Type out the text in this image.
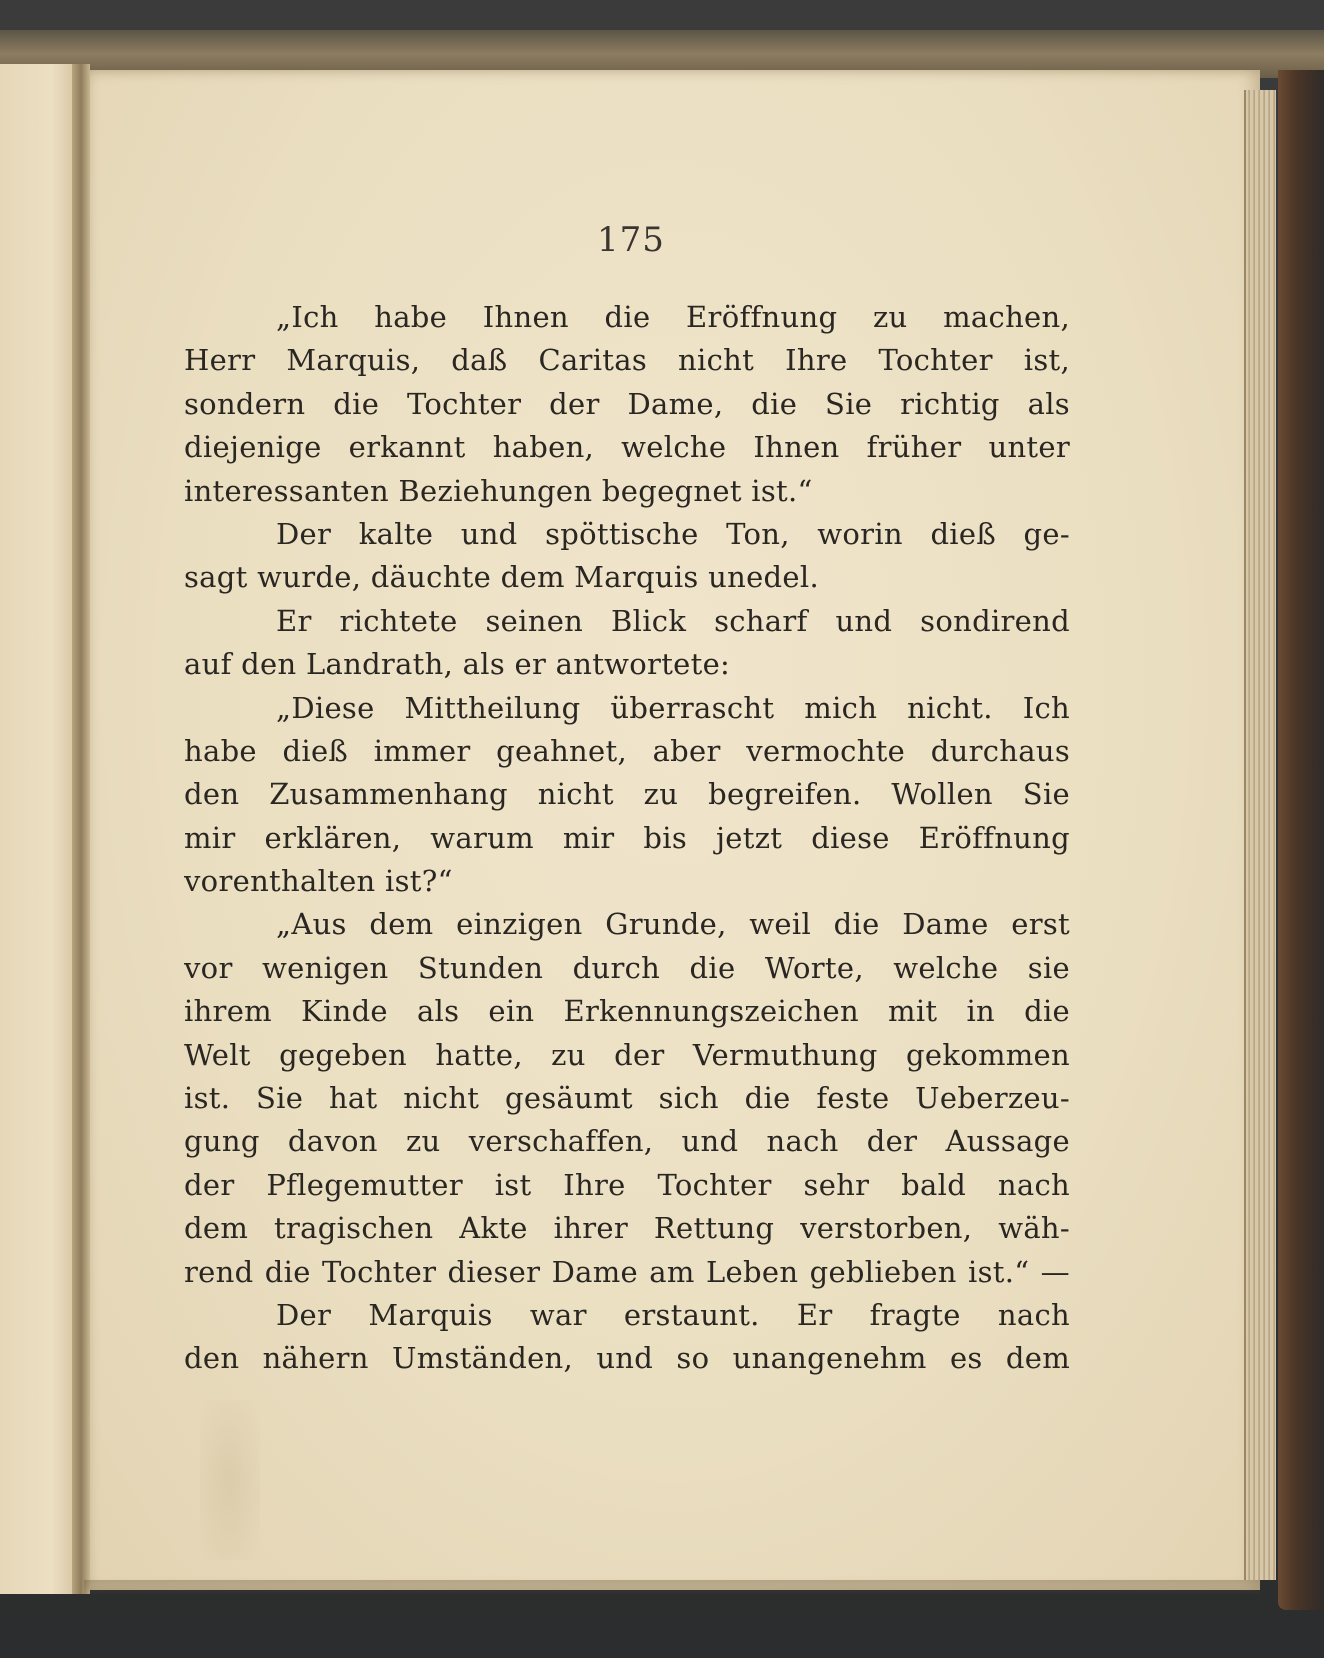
175
„Ich habe Ihnen die Eröffnung zu machen,
Herr Marquis, daß Caritas nicht Ihre Tochter ist,
sondern die Tochter der Dame, die Sie richtig als
diejenige erkannt haben, welche Ihnen früher unter
interessanten Beziehungen begegnet ist.“
Der kalte und spöttische Ton, worin dieß ge-
sagt wurde, däuchte dem Marquis unedel.
Er richtete seinen Blick scharf und sondirend
auf den Landrath, als er antwortete:
„Diese Mittheilung überrascht mich nicht. Ich
habe dieß immer geahnet, aber vermochte durchaus
den Zusammenhang nicht zu begreifen. Wollen Sie
mir erklären, warum mir bis jetzt diese Eröffnung
vorenthalten ist?“
„Aus dem einzigen Grunde, weil die Dame erst
vor wenigen Stunden durch die Worte, welche sie
ihrem Kinde als ein Erkennungszeichen mit in die
Welt gegeben hatte, zu der Vermuthung gekommen
ist. Sie hat nicht gesäumt sich die feste Ueberzeu-
gung davon zu verschaffen, und nach der Aussage
der Pflegemutter ist Ihre Tochter sehr bald nach
dem tragischen Akte ihrer Rettung verstorben, wäh-
rend die Tochter dieser Dame am Leben geblieben ist.“ —
Der Marquis war erstaunt. Er fragte nach
den nähern Umständen, und so unangenehm es dem
